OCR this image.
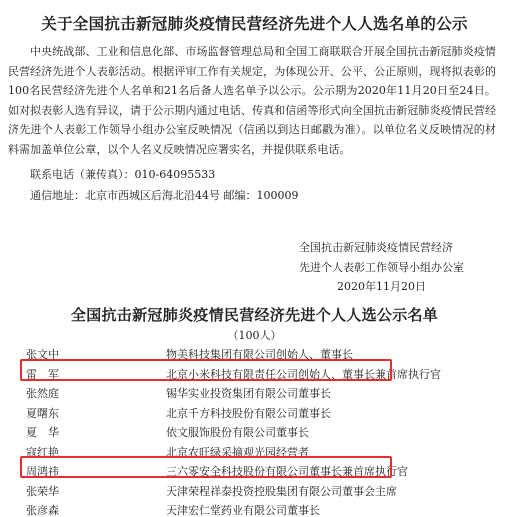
关于全国抗击新冠肺炎疫情民营经济先进个人人选名单的公示

中央统战部、工业和信息化部、市场监督管理总局和全国工商联联合开展全国抗击新冠肺炎疫情民营经济先进个人表彰活动。根据评审工作有关规定，为体现公开、公平、公正原则，现将拟表彰的100名民营经济先进个人名单和21名后备人选名单予以公示。公示期为2020年11月20日至24日。如对拟表彰人选有异议，请于公示期内通过电话、传真和信函等形式向全国抗击新冠肺炎疫情民营经济先进个人表彰工作领导小组办公室反映情况（信函以到达日邮戳为准）。以单位名义反映情况的材料需加盖单位公章，以个人名义反映情况应署实名，并提供联系电话。

联系电话（兼传真）：010-64095533
通信地址：北京市西城区后海北沿44号 邮编：100009
全国抗击新冠肺炎疫情民营经济
先进个人表彰工作领导小组办公室
2020年11月20日
全国抗击新冠肺炎疫情民营经济先进个人人选公示名单
（100人）
张文中	物美科技集团有限公司创始人、董事长
雷　军	北京小米科技有限责任公司创始人、董事长兼首席执行官
张然庭	锡华实业投资集团有限公司董事长
夏曙东	北京千方科技股份有限公司董事长
夏　华	依文服饰股份有限公司董事长
寇红艳	北京农旺绿采摘观光园经营者
周鸿祎	三六零安全科技股份有限公司董事长兼首席执行官
张荣华	天津荣程祥泰投资控股集团有限公司董事会主席
张彦森	天津宏仁堂药业有限公司董事长
